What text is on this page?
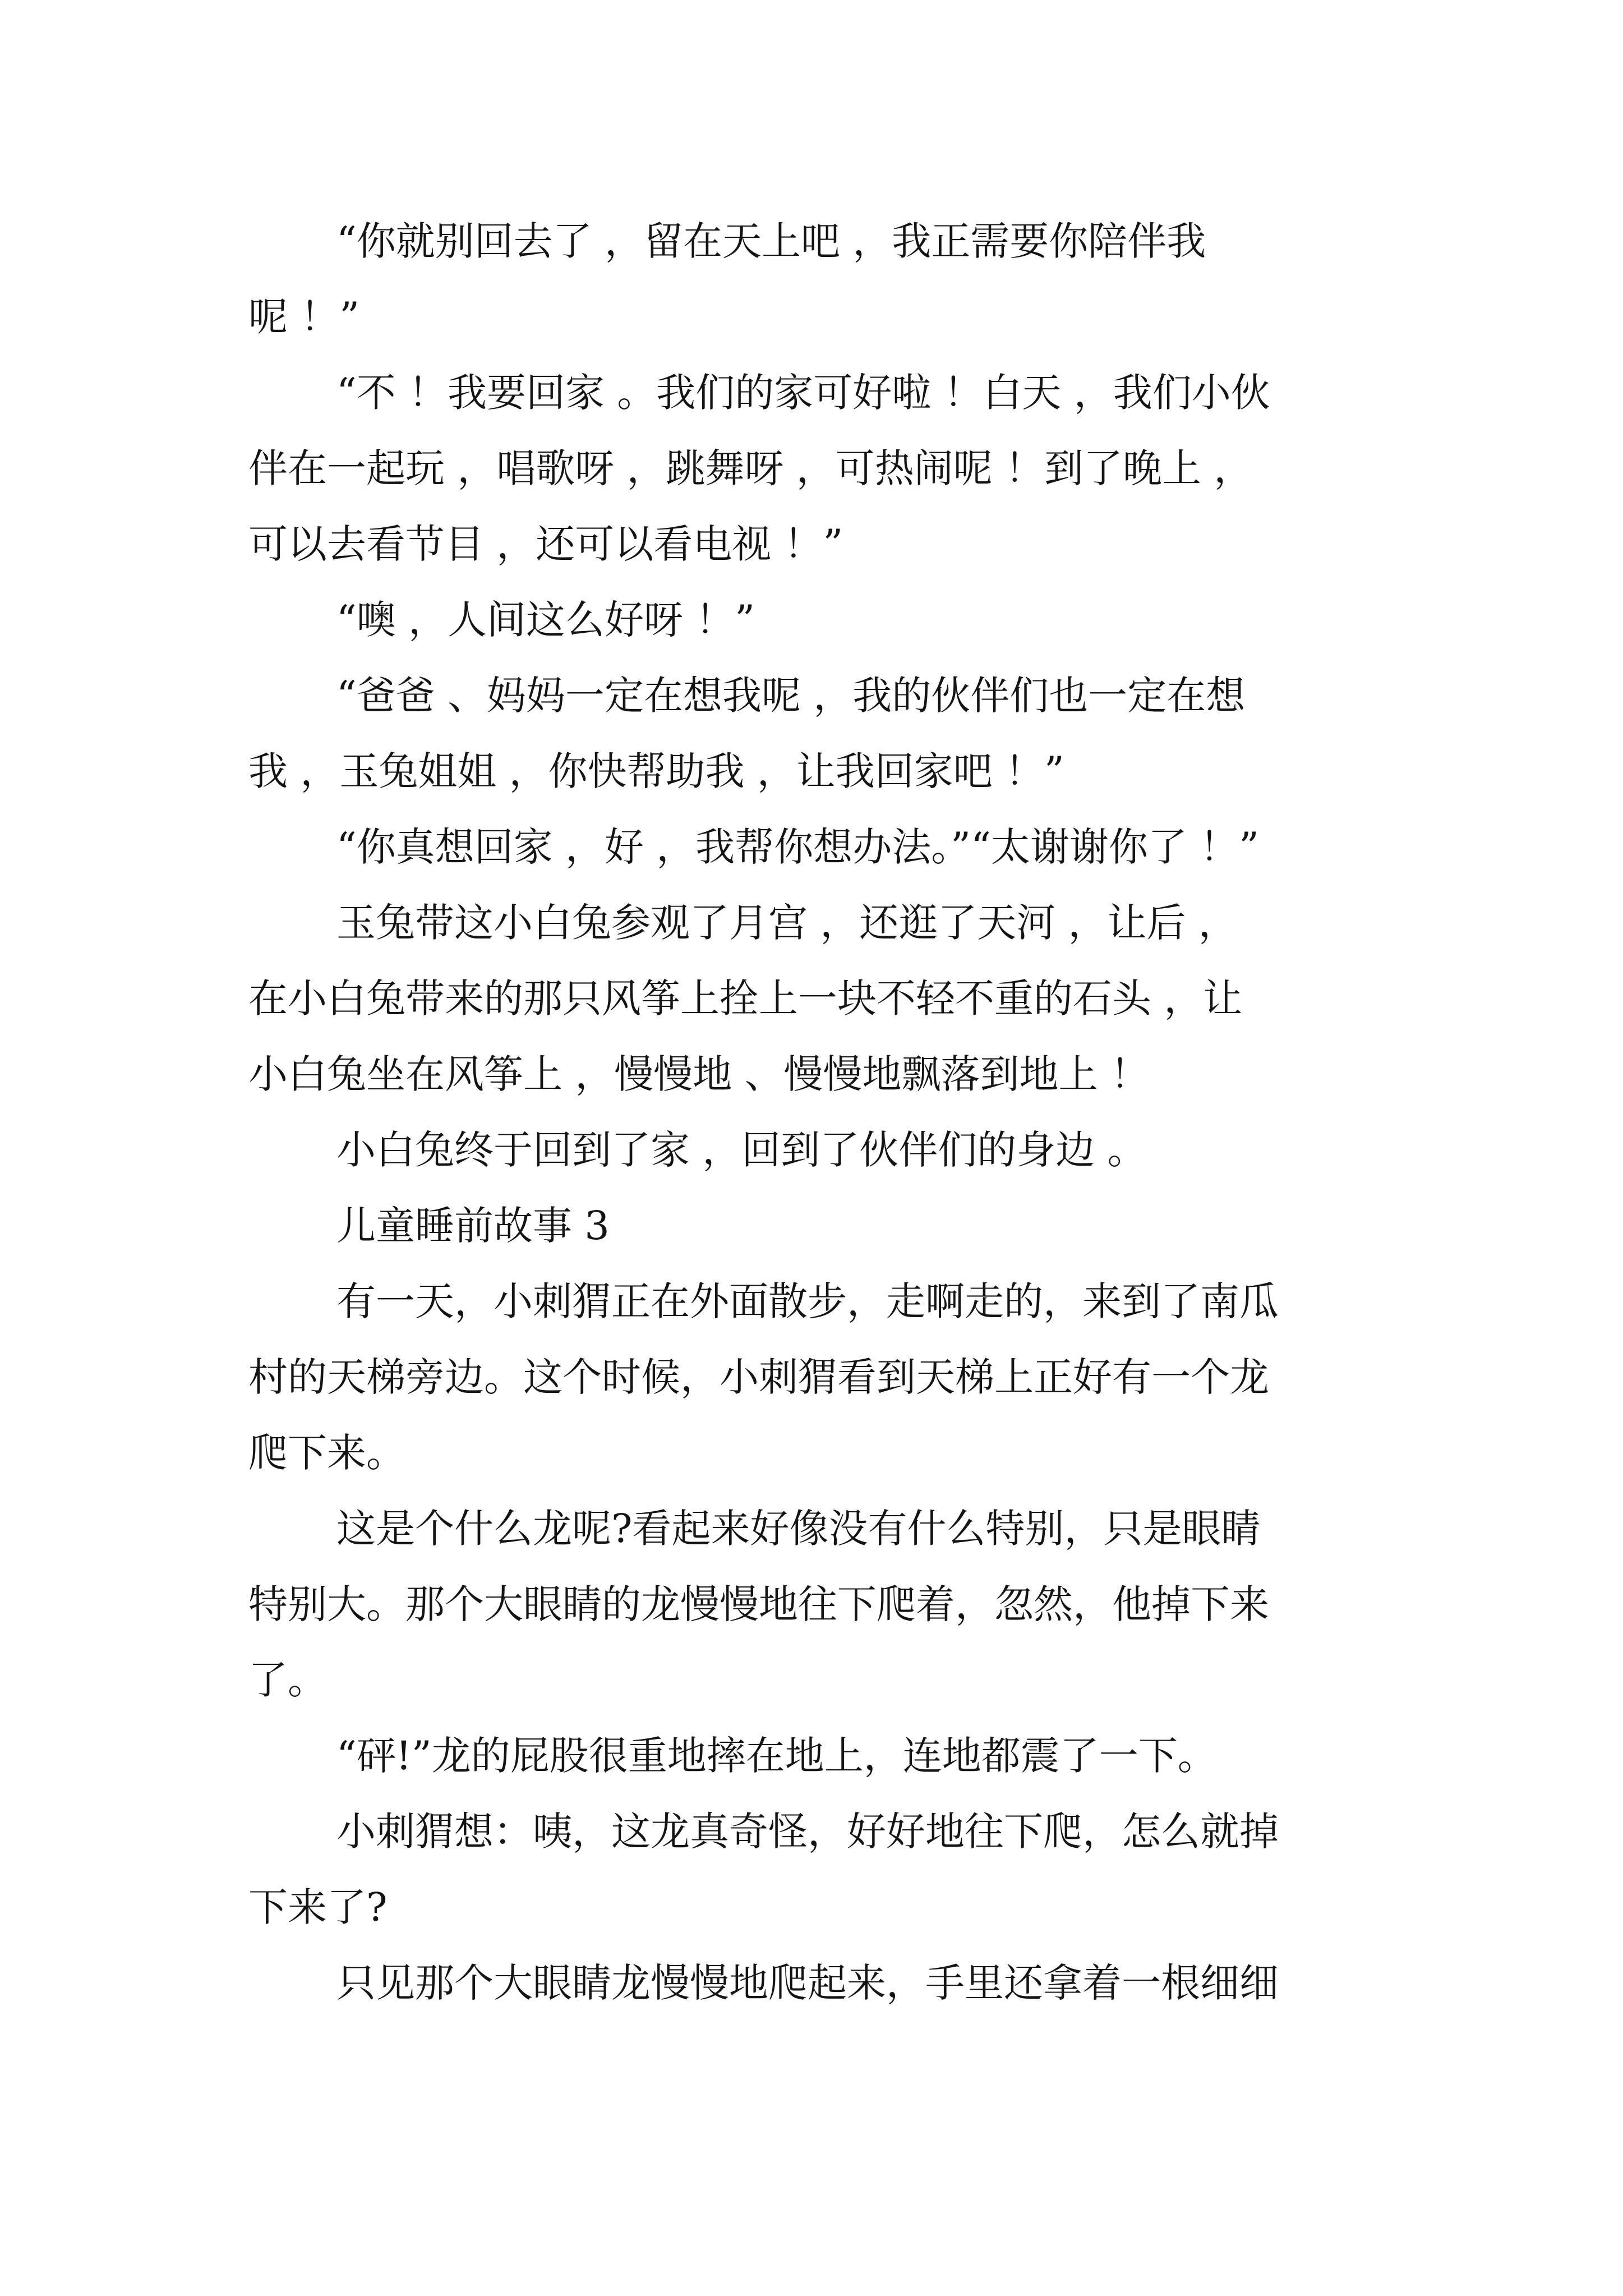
“你就别回去了 ，留在天上吧 ，我正需要你陪伴我
呢 ！”
“不 ！我要回家 。我们的家可好啦 ！白天 ，我们小伙
伴在一起玩 ，唱歌呀 ，跳舞呀 ，可热闹呢 ！到了晚上 ，
可以去看节目 ，还可以看电视 ！”
“噢 ，人间这么好呀 ！”
“爸爸 、妈妈一定在想我呢 ，我的伙伴们也一定在想
我 ，玉兔姐姐 ，你快帮助我 ，让我回家吧 ！”
“你真想回家 ，好 ，我帮你想办法。”“太谢谢你了 ！”
玉兔带这小白兔参观了月宫 ，还逛了天河 ，让后 ，
在小白兔带来的那只风筝上拴上一块不轻不重的石头 ，让
小白兔坐在风筝上 ，慢慢地 、慢慢地飘落到地上 ！
小白兔终于回到了家 ，回到了伙伴们的身边 。
儿童睡前故事 3
有一天，小刺猬正在外面散步，走啊走的，来到了南瓜
村的天梯旁边。这个时候，小刺猬看到天梯上正好有一个龙
爬下来。
这是个什么龙呢?看起来好像没有什么特别，只是眼睛
特别大。那个大眼睛的龙慢慢地往下爬着，忽然，他掉下来
了。
“砰!”龙的屁股很重地摔在地上，连地都震了一下。
小刺猬想：咦，这龙真奇怪，好好地往下爬，怎么就掉
下来了?
只见那个大眼睛龙慢慢地爬起来，手里还拿着一根细细
